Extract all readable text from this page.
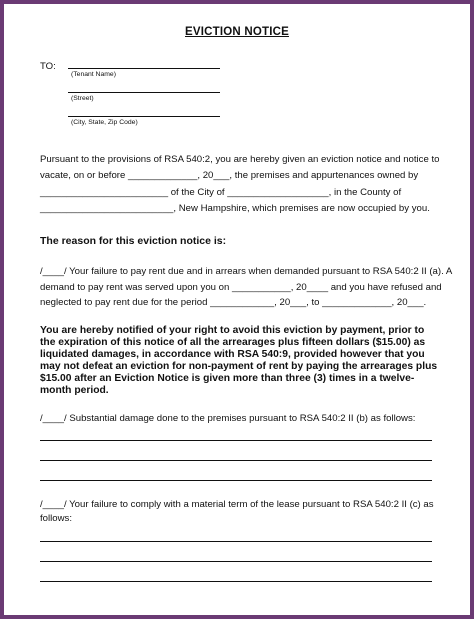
EVICTION NOTICE
TO:
(Tenant Name)
(Street)
(City, State, Zip Code)
Pursuant to the provisions of RSA 540:2, you are hereby given an eviction notice and notice to
vacate, on or before _____________, 20___, the premises and appurtenances owned by
________________________ of the City of ___________________, in the County of
_________________________, New Hampshire, which premises are now occupied by you.
The reason for this eviction notice is:
/____/ Your failure to pay rent due and in arrears when demanded pursuant to RSA 540:2 II (a). A
demand to pay rent was served upon you on ___________, 20____ and you have refused and
neglected to pay rent due for the period ____________, 20___, to _____________, 20___.
You are hereby notified of your right to avoid this eviction by payment, prior to
the expiration of this notice of all the arrearages plus fifteen dollars ($15.00) as
liquidated damages, in accordance with RSA 540:9, provided however that you
may not defeat an eviction for non-payment of rent by paying the arrearages plus
$15.00 after an Eviction Notice is given more than three (3) times in a twelve-
month period.
/____/ Substantial damage done to the premises pursuant to RSA 540:2 II (b) as follows:
/____/ Your failure to comply with a material term of the lease pursuant to RSA 540:2 II (c) as
follows:
